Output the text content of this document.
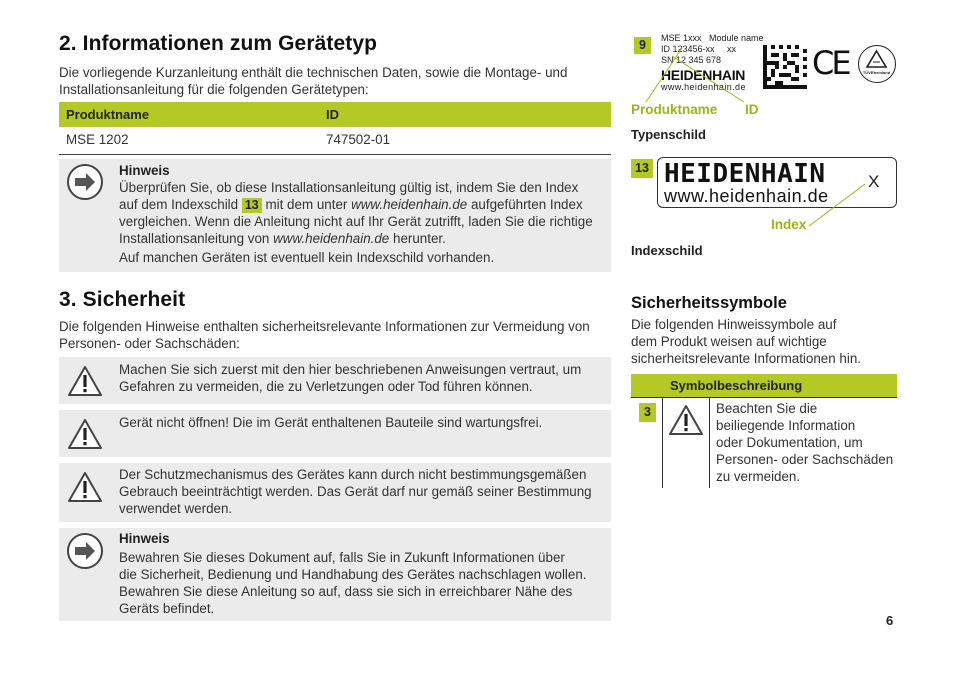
2. Informationen zum Gerätetyp
Die vorliegende Kurzanleitung enthält die technischen Daten, sowie die Montage- und
Installationsanleitung für die folgenden Gerätetypen:
Produktname	ID
MSE 1202	747502-01
Hinweis
Überprüfen Sie, ob diese Installationsanleitung gültig ist, indem Sie den Index
auf dem Indexschild 13 mit dem unter www.heidenhain.de aufgeführten Index
vergleichen. Wenn die Anleitung nicht auf Ihr Gerät zutrifft, laden Sie die richtige
Installationsanleitung von www.heidenhain.de herunter.
Auf manchen Geräten ist eventuell kein Indexschild vorhanden.
3. Sicherheit
Die folgenden Hinweise enthalten sicherheitsrelevante Informationen zur Vermeidung von
Personen- oder Sachschäden:
Machen Sie sich zuerst mit den hier beschriebenen Anweisungen vertraut, um
Gefahren zu vermeiden, die zu Verletzungen oder Tod führen können.
Gerät nicht öffnen! Die im Gerät enthaltenen Bauteile sind wartungsfrei.
Der Schutzmechanismus des Gerätes kann durch nicht bestimmungsgemäßen
Gebrauch beeinträchtigt werden. Das Gerät darf nur gemäß seiner Bestimmung
verwendet werden.
Hinweis
Bewahren Sie dieses Dokument auf, falls Sie in Zukunft Informationen über
die Sicherheit, Bedienung und Handhabung des Gerätes nachschlagen wollen.
Bewahren Sie diese Anleitung so auf, dass sie sich in erreichbarer Nähe des
Geräts befindet.
9	MSE 1xxx   Module name
ID 123456-xx     xx
SN 12 345 678
HEIDENHAIN
www.heidenhain.de
CE	TÜVRheinland
Produktname ID
Typenschild
13 HEIDENHAIN
www.heidenhain.de
X
Index
Indexschild
Sicherheitssymbole
Die folgenden Hinweissymbole auf
dem Produkt weisen auf wichtige
sicherheitsrelevante Informationen hin.
Symbolbeschreibung
3	Beachten Sie die
beiliegende Information
oder Dokumentation, um
Personen- oder Sachschäden
zu vermeiden.
6
